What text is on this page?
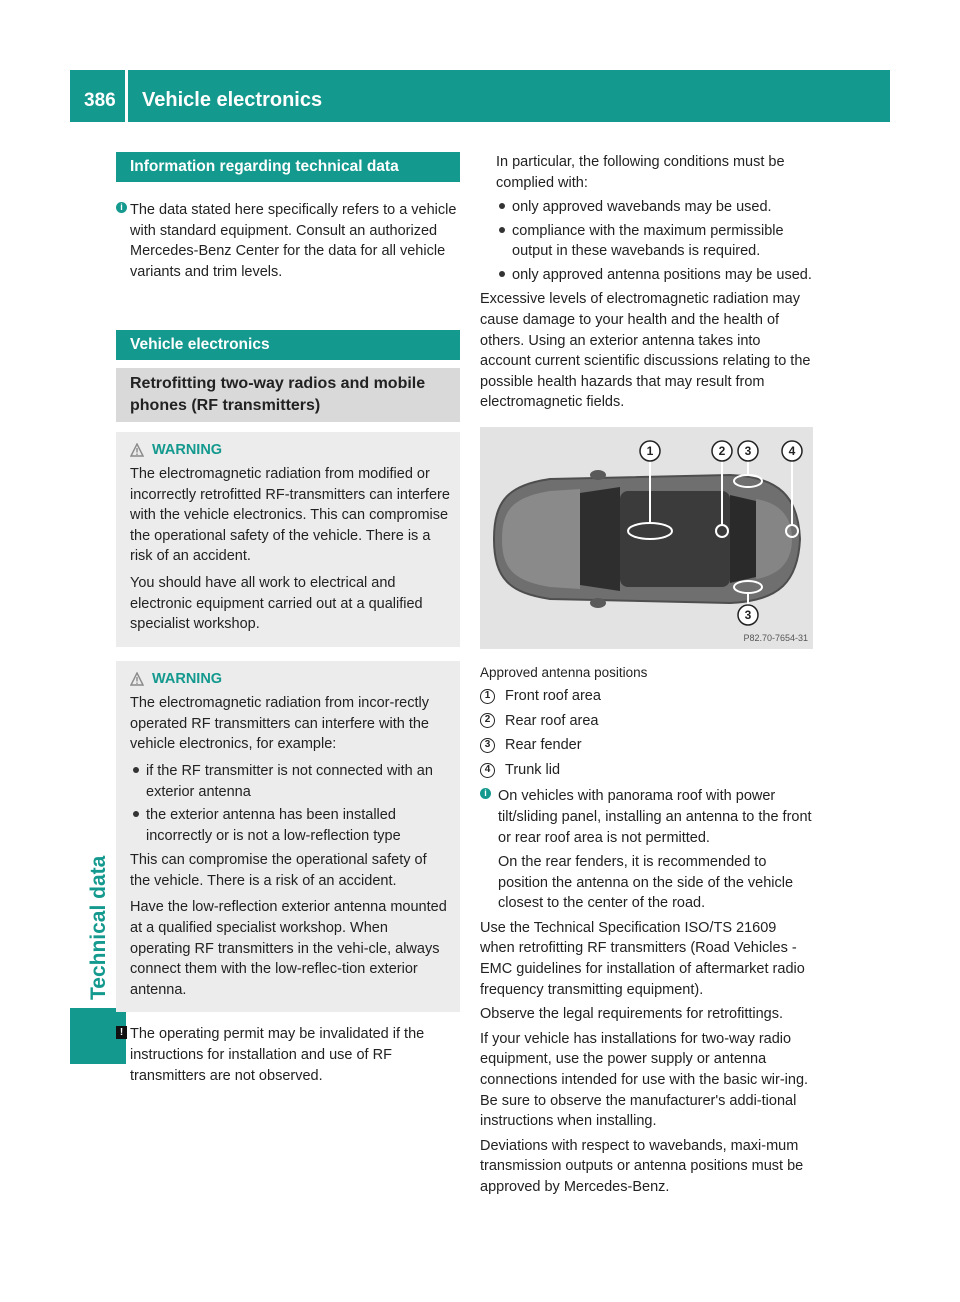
386 Vehicle electronics
Technical data
Information regarding technical data
i The data stated here specifically refers to a vehicle with standard equipment. Consult an authorized Mercedes-Benz Center for the data for all vehicle variants and trim levels.
Vehicle electronics
Retrofitting two-way radios and mobile phones (RF transmitters)
WARNING

The electromagnetic radiation from modified or incorrectly retrofitted RF-transmitters can interfere with the vehicle electronics. This can compromise the operational safety of the vehicle. There is a risk of an accident.

You should have all work to electrical and electronic equipment carried out at a qualified specialist workshop.

WARNING

The electromagnetic radiation from incor-rectly operated RF transmitters can interfere with the vehicle electronics, for example:

if the RF transmitter is not connected with an exterior antenna
the exterior antenna has been installed incorrectly or is not a low-reflection type

This can compromise the operational safety of the vehicle. There is a risk of an accident.

Have the low-reflection exterior antenna mounted at a qualified specialist workshop. When operating RF transmitters in the vehi-cle, always connect them with the low-reflec-tion exterior antenna.

! The operating permit may be invalidated if the instructions for installation and use of RF transmitters are not observed.

In particular, the following conditions must be complied with:

only approved wavebands may be used.
compliance with the maximum permissible output in these wavebands is required.
only approved antenna positions may be used.

Excessive levels of electromagnetic radiation may cause damage to your health and the health of others. Using an exterior antenna takes into account current scientific discussions relating to the possible health hazards that may result from electromagnetic fields.

1	2 3	4
3
P82.70-7654-31

Approved antenna positions

1	Front roof area
2	Rear roof area
3	Rear fender
4	Trunk lid
i On vehicles with panorama roof with power tilt/sliding panel, installing an antenna to the front or rear roof area is not permitted.

On the rear fenders, it is recommended to position the antenna on the side of the vehicle closest to the center of the road.

Use the Technical Specification ISO/TS 21609 when retrofitting RF transmitters (Road Vehicles - EMC guidelines for installation of aftermarket radio frequency transmitting equipment).

Observe the legal requirements for retrofittings.

If your vehicle has installations for two-way radio equipment, use the power supply or antenna connections intended for use with the basic wir-ing. Be sure to observe the manufacturer's addi-tional instructions when installing.

Deviations with respect to wavebands, maxi-mum transmission outputs or antenna positions must be approved by Mercedes-Benz.
